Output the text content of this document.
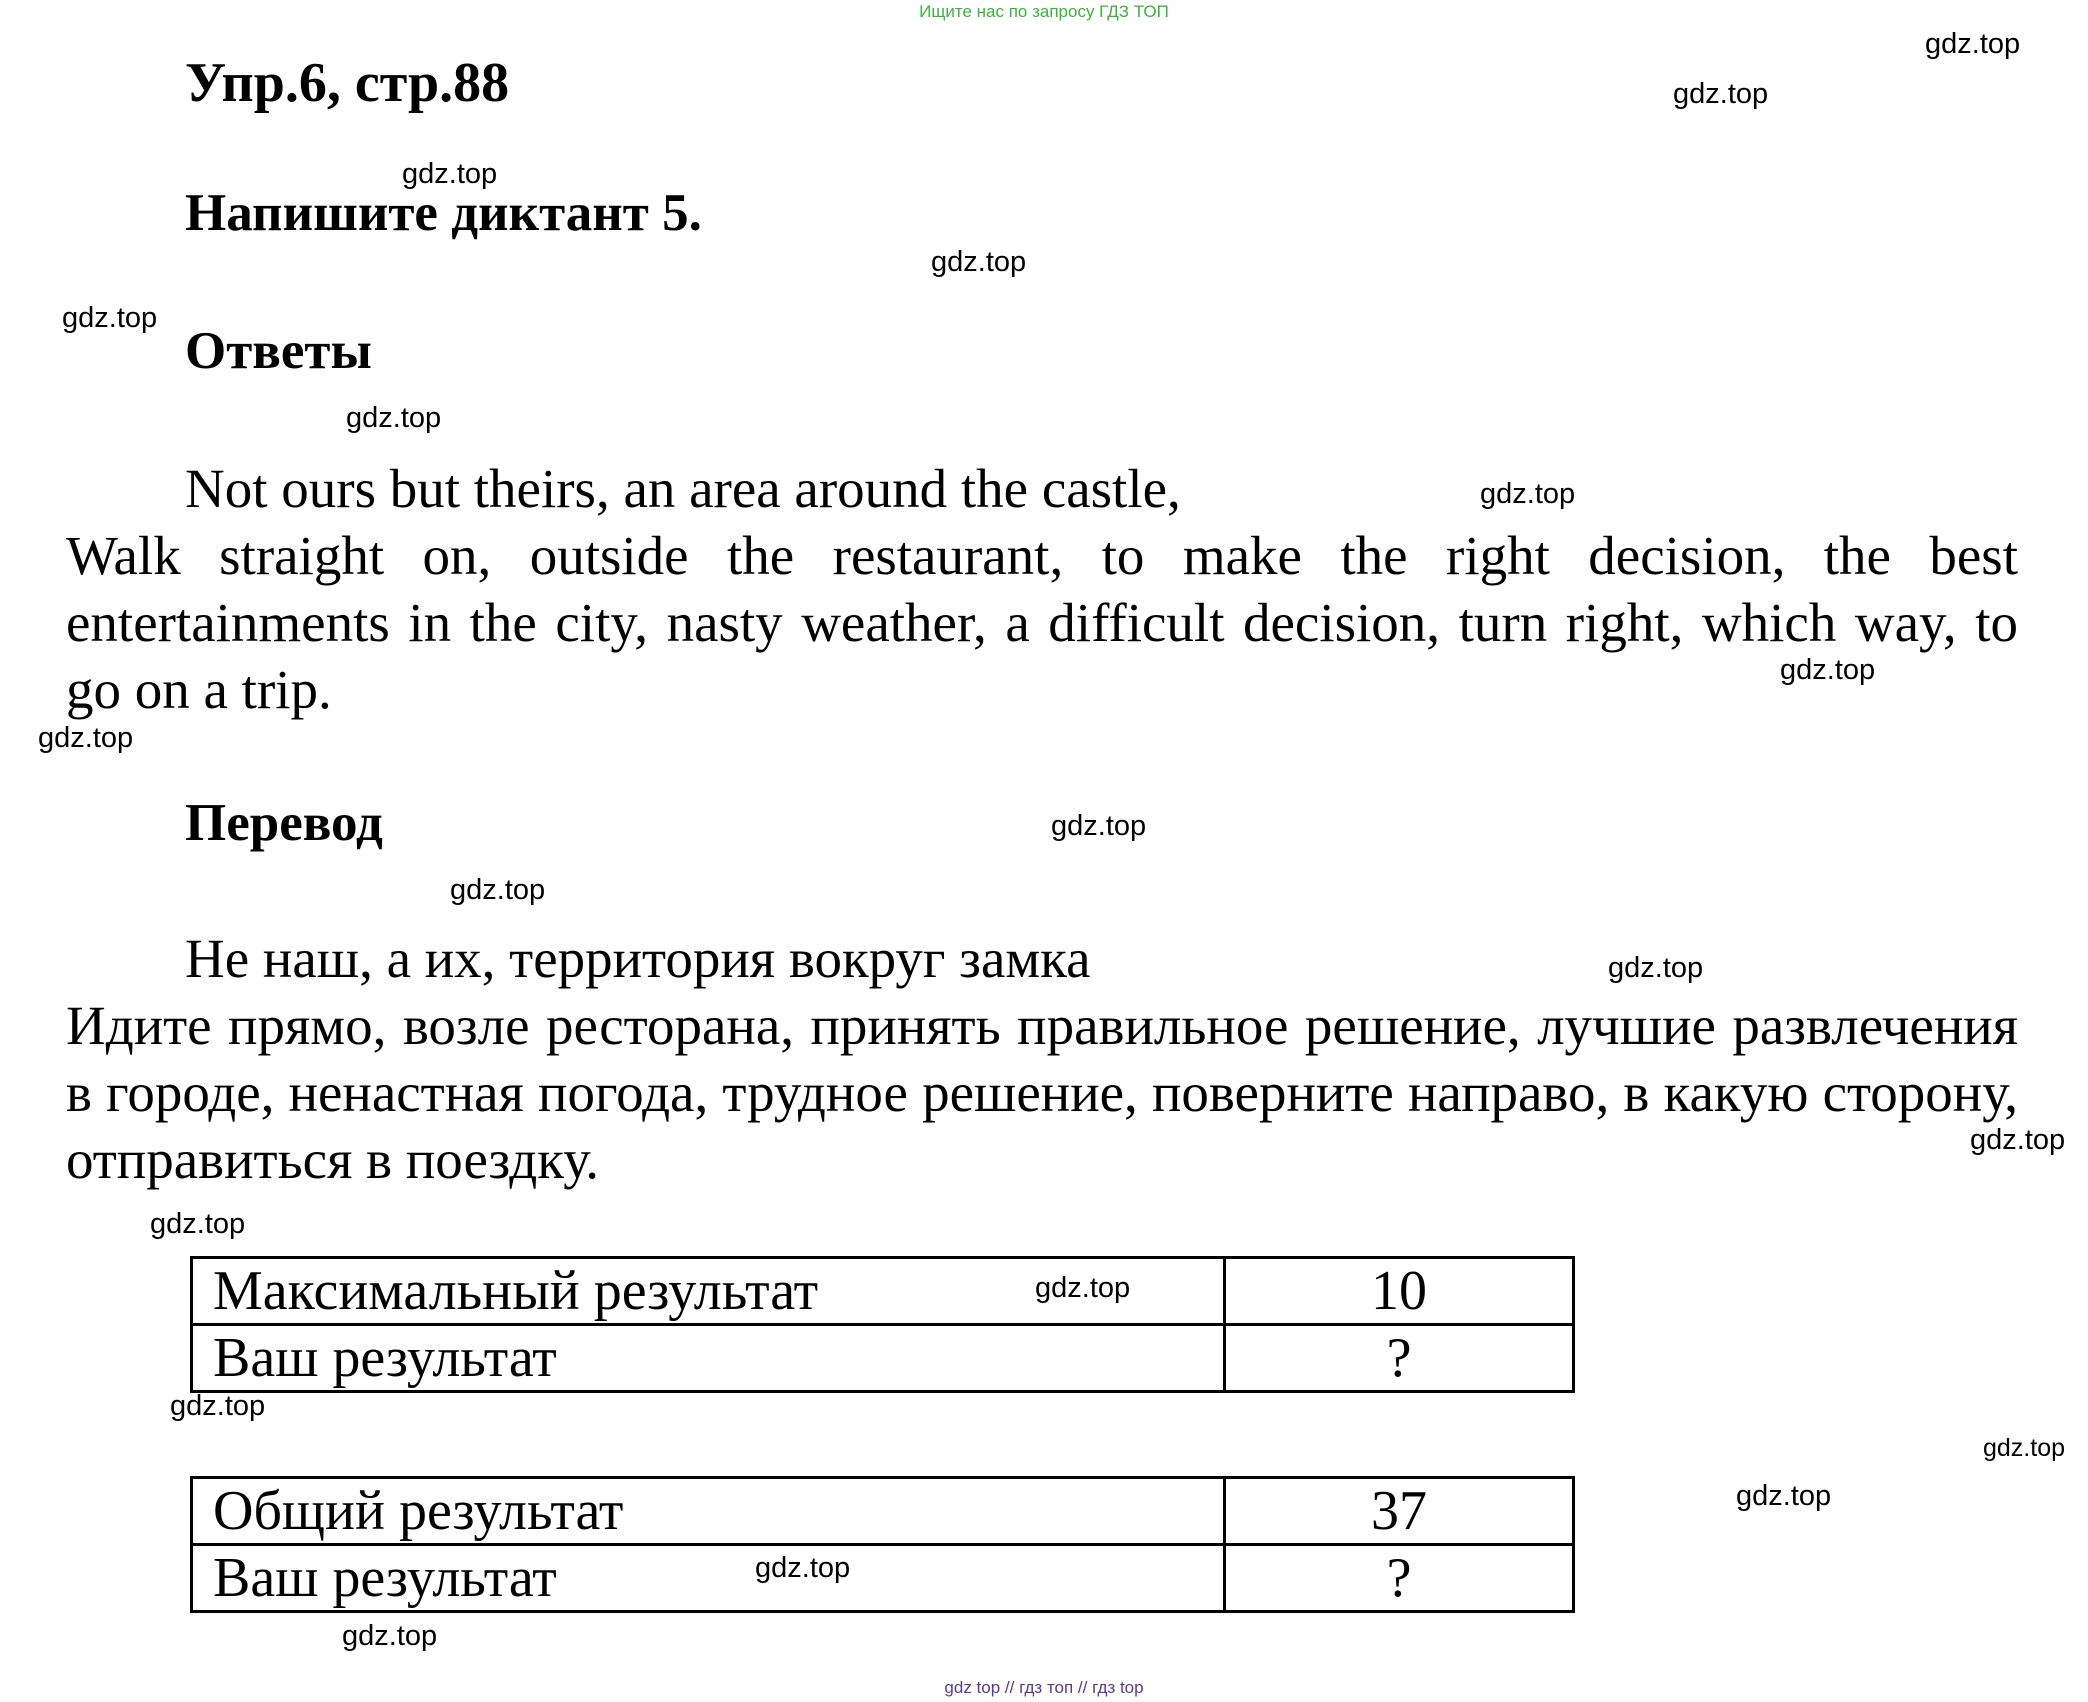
Ищите нас по запросу ГДЗ ТОП
Упр.6, стр.88
Напишите диктант 5.
Ответы
Not ours but theirs, an area around the castle,
Walk straight on, outside the restaurant, to make the right decision, the best entertainments in the city, nasty weather, a difficult decision, turn right, which way, to go on a trip.
Перевод
Не наш, а их, территория вокруг замка
Идите прямо, возле ресторана, принять правильное решение, лучшие развлечения в городе, ненастная погода, трудное решение, поверните направо, в какую сторону, отправиться в поездку.
Максимальный результат	10
Ваш результат	?
Общий результат	37
Ваш результат	?
gdz.top
gdz.top
gdz.top
gdz.top
gdz.top
gdz.top
gdz.top
gdz.top
gdz.top
gdz.top
gdz.top
gdz.top
gdz.top
gdz.top
gdz.top
gdz.top
gdz.top
gdz.top
gdz.top
gdz.top
gdz top // гдз топ // гдз top
